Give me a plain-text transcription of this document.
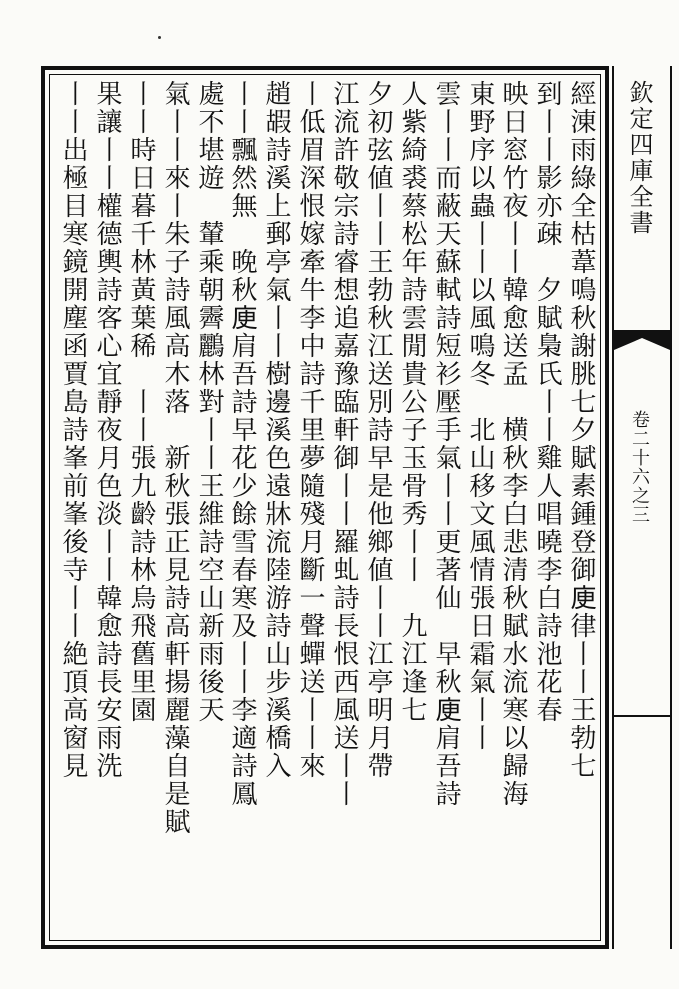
欽定四庫全書
卷二十六之三
經涷雨綠全枯葦鳴秋謝朓七夕賦素鍾登御𢈔律丨丨王勃七
到丨丨影亦疎　夕賦梟氏丨丨雞人唱曉李白詩池花春
映日窓竹夜丨丨韓愈送孟　横秋李白悲清秋賦水流寒以歸海
東野序以蟲丨丨以風鳴冬　北山移文風情張日霜氣丨丨
雲丨丨而蔽天蘇軾詩短衫壓手氣丨丨更著仙　早秋𢈔肩吾詩
人紫綺裘蔡松年詩雲閒貴公子玉骨秀丨丨　九江逢七
夕初弦値丨丨王勃秋江送別詩早是他鄉値丨丨江亭明月帶
江流許敬宗詩睿想追嘉豫臨軒御丨丨羅虬詩長恨西風送丨丨
丨低眉深恨嫁牽牛李中詩千里夢隨殘月斷一聲蟬送丨丨來
趙嘏詩溪上郵亭氣丨丨樹邊溪色遠牀流陸游詩山步溪橋入
丨丨飄然無　晚秋𢈔肩吾詩早花少餘雪春寒及丨丨李適詩鳳
處不堪遊　輦乘朝霽鸝林對丨丨王維詩空山新雨後天
氣丨丨來丨朱子詩風高木落　新秋張正見詩高軒揚麗藻自是賦
丨丨時日暮千林黃葉稀　丨丨張九齡詩林烏飛舊里園
果讓丨丨權德輿詩客心宜靜夜月色淡丨丨韓愈詩長安雨洗
丨丨出極目寒鏡開塵函賈島詩峯前峯後寺丨丨絶頂高窗見
